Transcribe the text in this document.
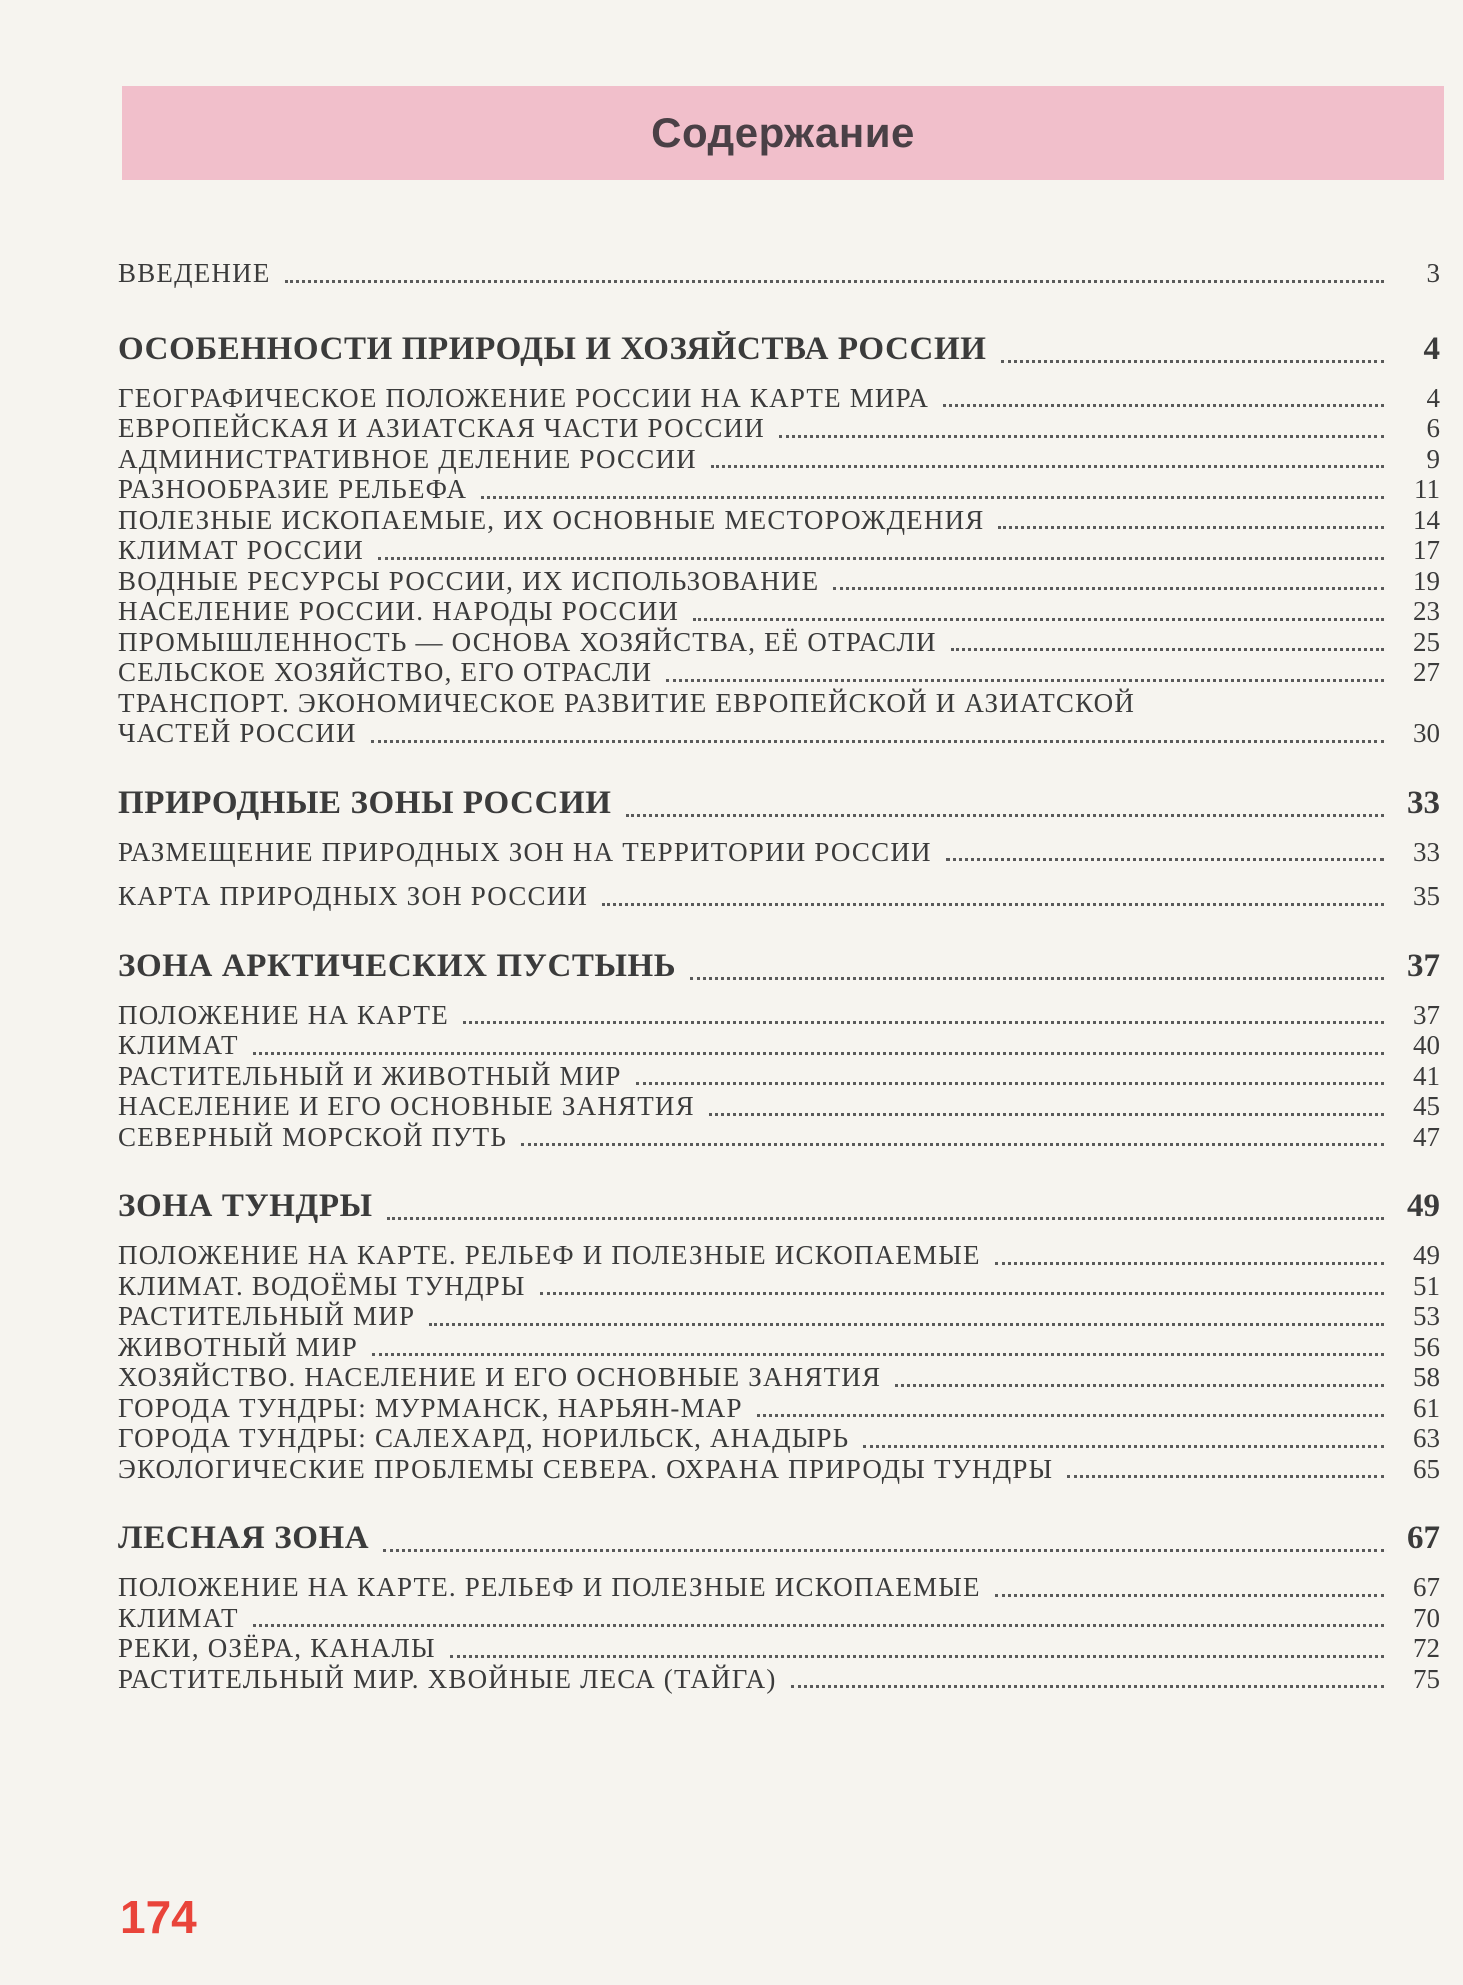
Содержание
ВВЕДЕНИЕ	3
ОСОБЕННОСТИ ПРИРОДЫ И ХОЗЯЙСТВА РОССИИ	4
ГЕОГРАФИЧЕСКОЕ ПОЛОЖЕНИЕ РОССИИ НА КАРТЕ МИРА	4
ЕВРОПЕЙСКАЯ И АЗИАТСКАЯ ЧАСТИ РОССИИ	6
АДМИНИСТРАТИВНОЕ ДЕЛЕНИЕ РОССИИ	9
РАЗНООБРАЗИЕ РЕЛЬЕФА	11
ПОЛЕЗНЫЕ ИСКОПАЕМЫЕ, ИХ ОСНОВНЫЕ МЕСТОРОЖДЕНИЯ	14
КЛИМАТ РОССИИ	17
ВОДНЫЕ РЕСУРСЫ РОССИИ, ИХ ИСПОЛЬЗОВАНИЕ	19
НАСЕЛЕНИЕ РОССИИ. НАРОДЫ РОССИИ	23
ПРОМЫШЛЕННОСТЬ — ОСНОВА ХОЗЯЙСТВА, ЕЁ ОТРАСЛИ	25
СЕЛЬСКОЕ ХОЗЯЙСТВО, ЕГО ОТРАСЛИ	27
ТРАНСПОРТ. ЭКОНОМИЧЕСКОЕ РАЗВИТИЕ ЕВРОПЕЙСКОЙ И АЗИАТСКОЙ
ЧАСТЕЙ РОССИИ	30
ПРИРОДНЫЕ ЗОНЫ РОССИИ	33
РАЗМЕЩЕНИЕ ПРИРОДНЫХ ЗОН НА ТЕРРИТОРИИ РОССИИ	33
КАРТА ПРИРОДНЫХ ЗОН РОССИИ	35
ЗОНА АРКТИЧЕСКИХ ПУСТЫНЬ	37
ПОЛОЖЕНИЕ НА КАРТЕ	37
КЛИМАТ	40
РАСТИТЕЛЬНЫЙ И ЖИВОТНЫЙ МИР	41
НАСЕЛЕНИЕ И ЕГО ОСНОВНЫЕ ЗАНЯТИЯ	45
СЕВЕРНЫЙ МОРСКОЙ ПУТЬ	47
ЗОНА ТУНДРЫ	49
ПОЛОЖЕНИЕ НА КАРТЕ. РЕЛЬЕФ И ПОЛЕЗНЫЕ ИСКОПАЕМЫЕ	49
КЛИМАТ. ВОДОЁМЫ ТУНДРЫ	51
РАСТИТЕЛЬНЫЙ МИР	53
ЖИВОТНЫЙ МИР	56
ХОЗЯЙСТВО. НАСЕЛЕНИЕ И ЕГО ОСНОВНЫЕ ЗАНЯТИЯ	58
ГОРОДА ТУНДРЫ: МУРМАНСК, НАРЬЯН-МАР	61
ГОРОДА ТУНДРЫ: САЛЕХАРД, НОРИЛЬСК, АНАДЫРЬ	63
ЭКОЛОГИЧЕСКИЕ ПРОБЛЕМЫ СЕВЕРА. ОХРАНА ПРИРОДЫ ТУНДРЫ	65
ЛЕСНАЯ ЗОНА	67
ПОЛОЖЕНИЕ НА КАРТЕ. РЕЛЬЕФ И ПОЛЕЗНЫЕ ИСКОПАЕМЫЕ	67
КЛИМАТ	70
РЕКИ, ОЗЁРА, КАНАЛЫ	72
РАСТИТЕЛЬНЫЙ МИР. ХВОЙНЫЕ ЛЕСА (ТАЙГА)	75
174
